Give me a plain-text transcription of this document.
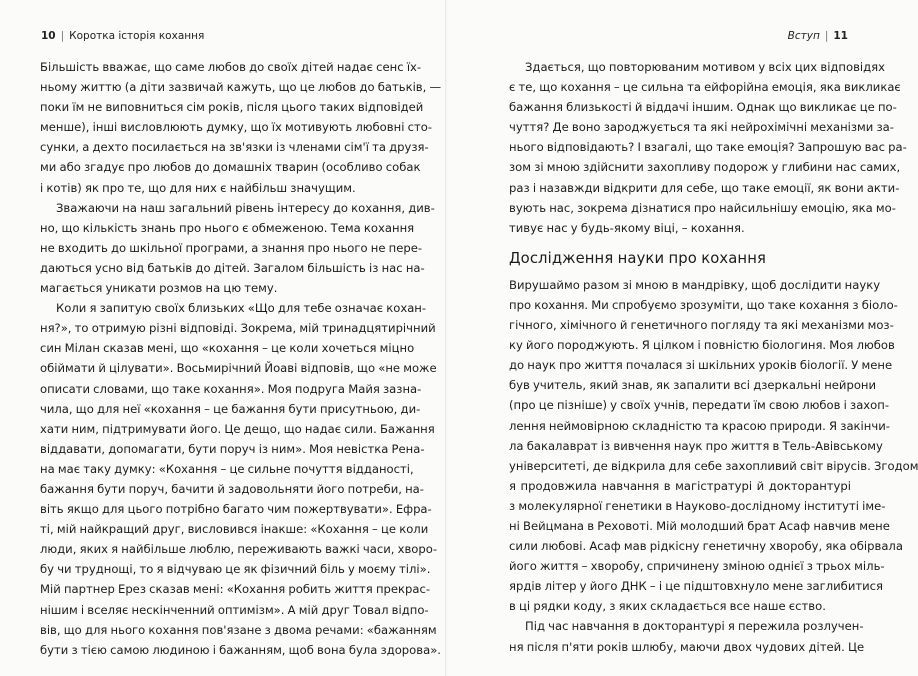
10 | Коротка історія кохання
Більшість вважає, що саме любов до своїх дітей надає сенс їх-
ньому життю (а діти зазвичай кажуть, що це любов до батьків, —
поки їм не виповниться сім років, після цього таких відповідей
менше), інші висловлюють думку, що їх мотивують любовні сто-
сунки, а дехто посилається на зв'язки із членами сім'ї та друзя-
ми або згадує про любов до домашніх тварин (особливо собак
і котів) як про те, що для них є найбільш значущим.
Зважаючи на наш загальний рівень інтересу до кохання, див-
но, що кількість знань про нього є обмеженою. Тема кохання
не входить до шкільної програми, а знання про нього не пере-
даються усно від батьків до дітей. Загалом більшість із нас на-
магається уникати розмов на цю тему.
Коли я запитую своїх близьких «Що для тебе означає кохан-
ня?», то отримую різні відповіді. Зокрема, мій тринадцятирічний
син Мілан сказав мені, що «кохання – це коли хочеться міцно
обіймати й цілувати». Восьмирічний Йоаві відповів, що «не може
описати словами, що таке кохання». Моя подруга Майя зазна-
чила, що для неї «кохання – це бажання бути присутньою, ди-
хати ним, підтримувати його. Це дещо, що надає сили. Бажання
віддавати, допомагати, бути поруч із ним». Моя невістка Рена-
на має таку думку: «Кохання – це сильне почуття відданості,
бажання бути поруч, бачити й задовольняти його потреби, на-
віть якщо для цього потрібно багато чим пожертвувати». Ефра-
ті, мій найкращий друг, висловився інакше: «Кохання – це коли
люди, яких я найбільше люблю, переживають важкі часи, хворо-
бу чи труднощі, то я відчуваю це як фізичний біль у моєму тілі».
Мій партнер Ерез сказав мені: «Кохання робить життя прекрас-
нішим і вселяє нескінченний оптимізм». А мій друг Товал відпо-
вів, що для нього кохання пов'язане з двома речами: «бажанням
бути з тією самою людиною і бажанням, щоб вона була здорова».
Вступ | 11
Здається, що повторюваним мотивом у всіх цих відповідях
є те, що кохання – це сильна та ейфорійна емоція, яка викликає
бажання близькості й віддачі іншим. Однак що викликає це по-
чуття? Де воно зароджується та які нейрохімічні механізми за-
нього відповідають? І взагалі, що таке емоція? Запрошую вас ра-
зом зі мною здійснити захопливу подорож у глибини нас самих,
раз і назавжди відкрити для себе, що таке емоції, як вони акти-
вують нас, зокрема дізнатися про найсильнішу емоцію, яка мо-
тивує нас у будь-якому віці, – кохання.
Дослідження науки про кохання
Вирушаймо разом зі мною в мандрівку, щоб дослідити науку
про кохання. Ми спробуємо зрозуміти, що таке кохання з біоло-
гічного, хімічного й генетичного погляду та які механізми моз-
ку його породжують. Я цілком і повністю біологиня. Моя любов
до наук про життя почалася зі шкільних уроків біології. У мене
був учитель, який знав, як запалити всі дзеркальні нейрони
(про це пізніше) у своїх учнів, передати їм свою любов і захоп-
лення неймовірною складністю та красою природи. Я закінчи-
ла бакалаврат із вивчення наук про життя в Тель-Авівському
університеті, де відкрила для себе захопливий світ вірусів. Згодом
я продовжила навчання в магістратурі й докторантурі
з молекулярної генетики в Науково-дослідному інституті іме-
ні Вейцмана в Реховоті. Мій молодший брат Асаф навчив мене
сили любові. Асаф мав рідкісну генетичну хворобу, яка обірвала
його життя – хворобу, спричинену зміною однієї з трьох міль-
ярдів літер у його ДНК – і це підштовхнуло мене заглибитися
в ці рядки коду, з яких складається все наше єство.
Під час навчання в докторантурі я пережила розлучен-
ня після п'яти років шлюбу, маючи двох чудових дітей. Це
